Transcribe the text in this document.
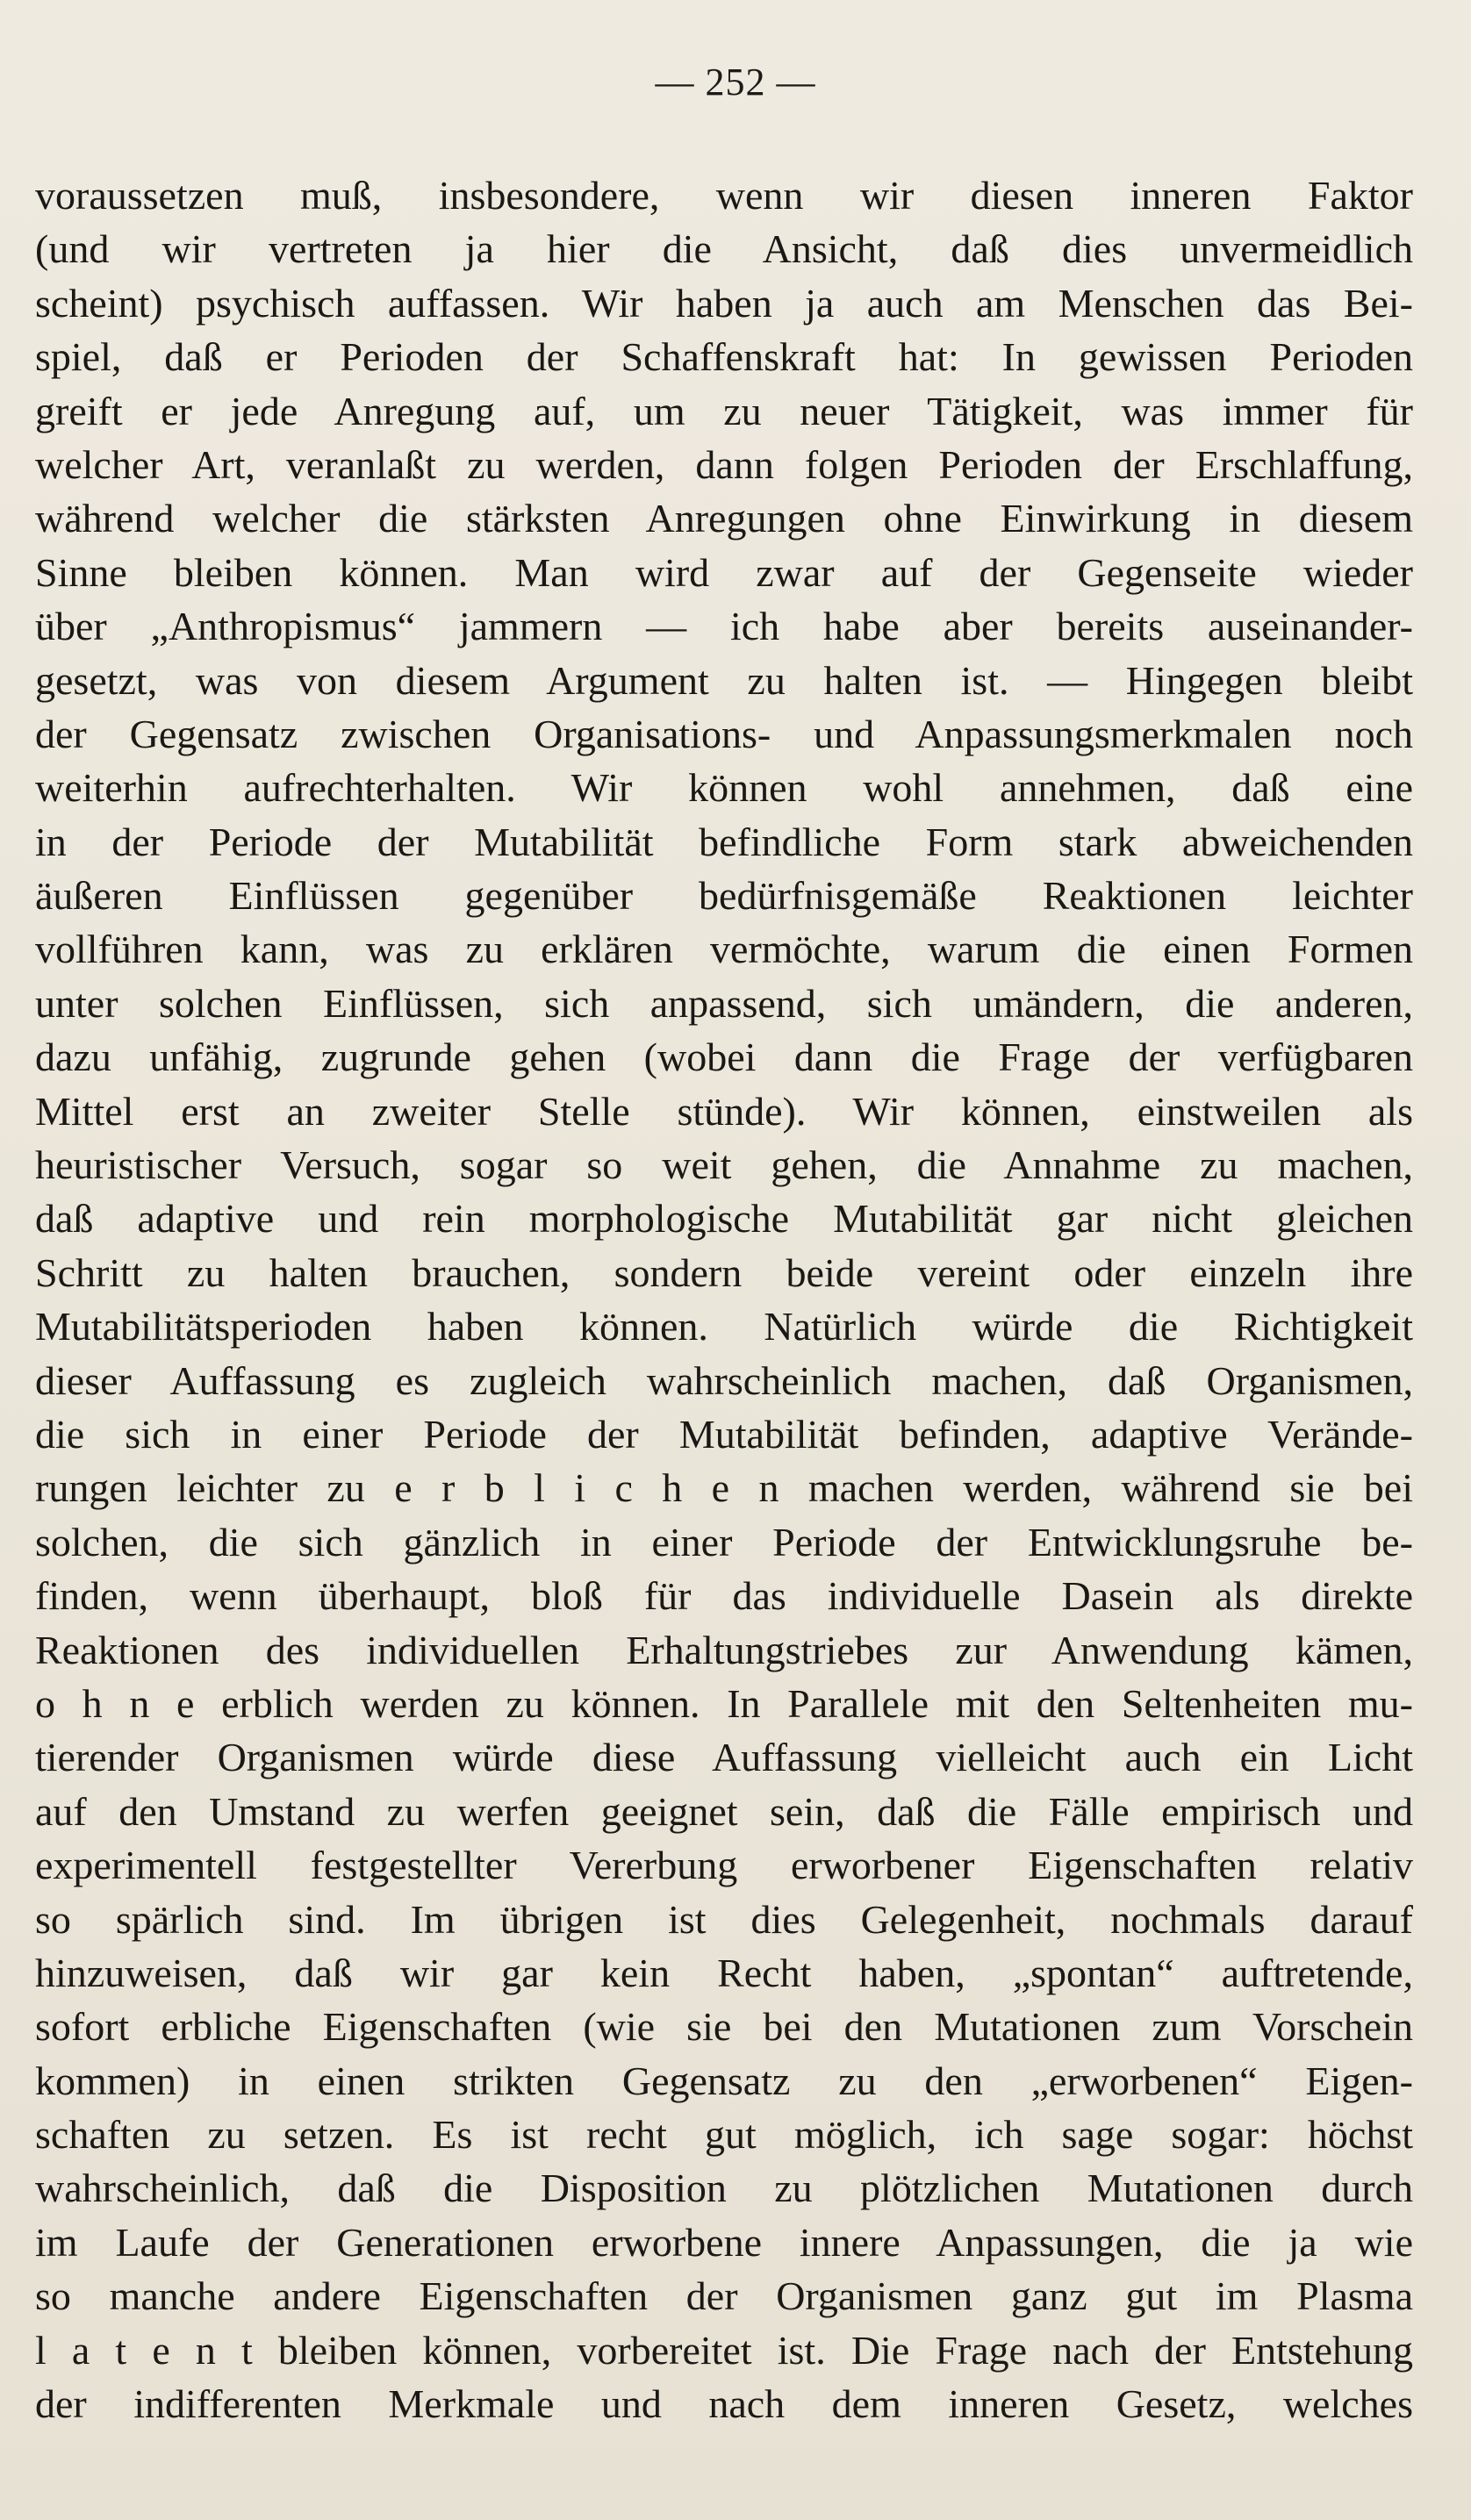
— 252 —
voraussetzen muß, insbesondere, wenn wir diesen inneren Faktor
(und wir vertreten ja hier die Ansicht, daß dies unvermeidlich
scheint) psychisch auffassen. Wir haben ja auch am Menschen das Bei-
spiel, daß er Perioden der Schaffenskraft hat: In gewissen Perioden
greift er jede Anregung auf, um zu neuer Tätigkeit, was immer für
welcher Art, veranlaßt zu werden, dann folgen Perioden der Erschlaffung,
während welcher die stärksten Anregungen ohne Einwirkung in diesem
Sinne bleiben können. Man wird zwar auf der Gegenseite wieder
über „Anthropismus“ jammern — ich habe aber bereits auseinander-
gesetzt, was von diesem Argument zu halten ist. — Hingegen bleibt
der Gegensatz zwischen Organisations- und Anpassungsmerkmalen noch
weiterhin aufrechterhalten. Wir können wohl annehmen, daß eine
in der Periode der Mutabilität befindliche Form stark abweichenden
äußeren Einflüssen gegenüber bedürfnisgemäße Reaktionen leichter
vollführen kann, was zu erklären vermöchte, warum die einen Formen
unter solchen Einflüssen, sich anpassend, sich umändern, die anderen,
dazu unfähig, zugrunde gehen (wobei dann die Frage der verfügbaren
Mittel erst an zweiter Stelle stünde). Wir können, einstweilen als
heuristischer Versuch, sogar so weit gehen, die Annahme zu machen,
daß adaptive und rein morphologische Mutabilität gar nicht gleichen
Schritt zu halten brauchen, sondern beide vereint oder einzeln ihre
Mutabilitätsperioden haben können. Natürlich würde die Richtigkeit
dieser Auffassung es zugleich wahrscheinlich machen, daß Organismen,
die sich in einer Periode der Mutabilität befinden, adaptive Verände-
rungen leichter zu e r b l i c h e n machen werden, während sie bei
solchen, die sich gänzlich in einer Periode der Entwicklungsruhe be-
finden, wenn überhaupt, bloß für das individuelle Dasein als direkte
Reaktionen des individuellen Erhaltungstriebes zur Anwendung kämen,
o h n e erblich werden zu können. In Parallele mit den Seltenheiten mu-
tierender Organismen würde diese Auffassung vielleicht auch ein Licht
auf den Umstand zu werfen geeignet sein, daß die Fälle empirisch und
experimentell festgestellter Vererbung erworbener Eigenschaften relativ
so spärlich sind. Im übrigen ist dies Gelegenheit, nochmals darauf
hinzuweisen, daß wir gar kein Recht haben, „spontan“ auftretende,
sofort erbliche Eigenschaften (wie sie bei den Mutationen zum Vorschein
kommen) in einen strikten Gegensatz zu den „erworbenen“ Eigen-
schaften zu setzen. Es ist recht gut möglich, ich sage sogar: höchst
wahrscheinlich, daß die Disposition zu plötzlichen Mutationen durch
im Laufe der Generationen erworbene innere Anpassungen, die ja wie
so manche andere Eigenschaften der Organismen ganz gut im Plasma
l a t e n t bleiben können, vorbereitet ist. Die Frage nach der Entstehung
der indifferenten Merkmale und nach dem inneren Gesetz, welches
